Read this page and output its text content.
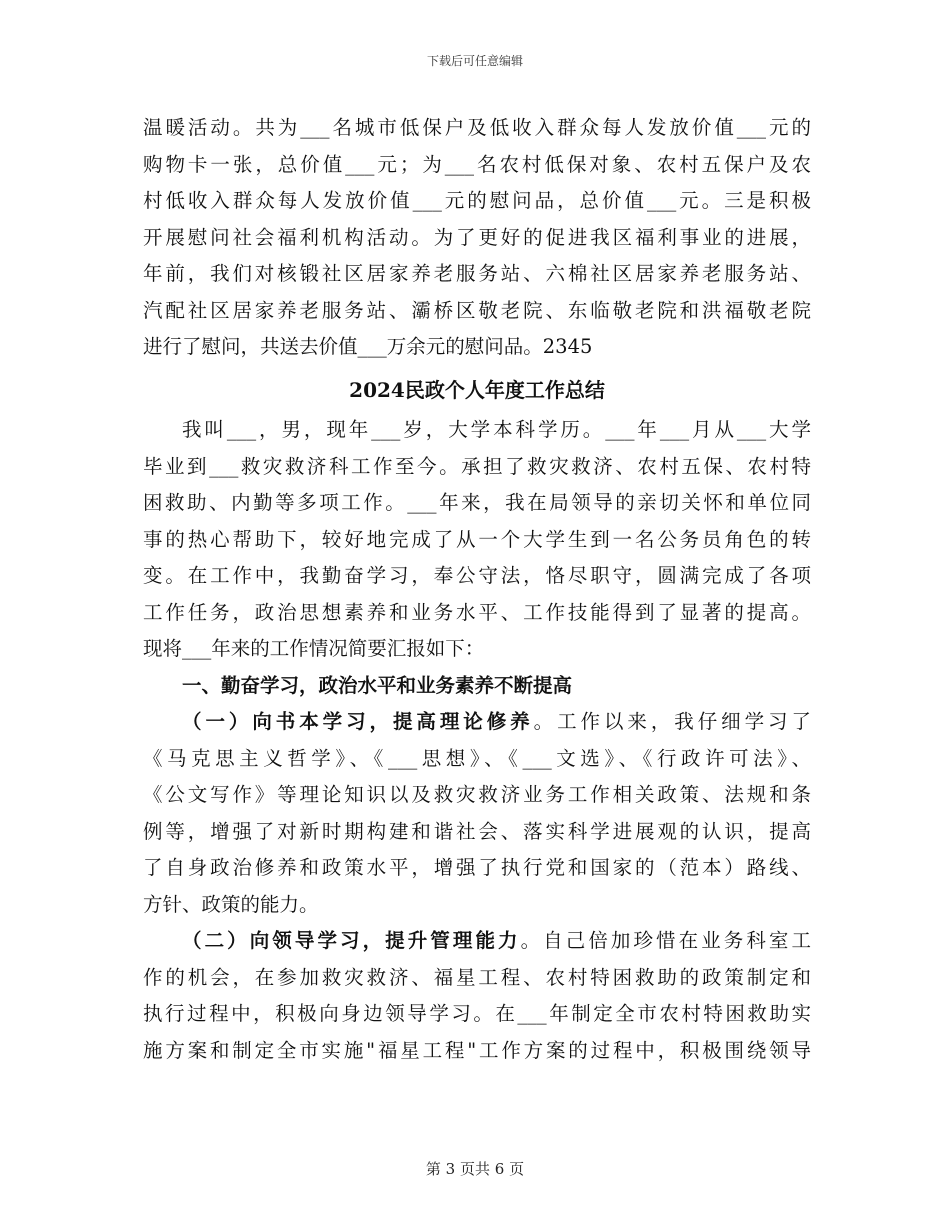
下载后可任意编辑
温暖活动。共为___名城市低保户及低收入群众每人发放价值___元的
购物卡一张，总价值___元；为___名农村低保对象、农村五保户及农
村低收入群众每人发放价值___元的慰问品，总价值___元。三是积极
开展慰问社会福利机构活动。为了更好的促进我区福利事业的进展，
年前，我们对核锻社区居家养老服务站、六棉社区居家养老服务站、
汽配社区居家养老服务站、灞桥区敬老院、东临敬老院和洪福敬老院
进行了慰问，共送去价值___万余元的慰问品。2345
2024民政个人年度工作总结
我叫___，男，现年___岁，大学本科学历。___年___月从___大学
毕业到___救灾救济科工作至今。承担了救灾救济、农村五保、农村特
困救助、内勤等多项工作。___年来，我在局领导的亲切关怀和单位同
事的热心帮助下，较好地完成了从一个大学生到一名公务员角色的转
变。在工作中，我勤奋学习，奉公守法，恪尽职守，圆满完成了各项
工作任务，政治思想素养和业务水平、工作技能得到了显著的提高。
现将___年来的工作情况简要汇报如下：
一、勤奋学习，政治水平和业务素养不断提高
（一）向书本学习，提高理论修养。工作以来，我仔细学习了
《马克思主义哲学》、《___思想》、《___文选》、《行政许可法》、
《公文写作》等理论知识以及救灾救济业务工作相关政策、法规和条
例等，增强了对新时期构建和谐社会、落实科学进展观的认识，提高
了自身政治修养和政策水平，增强了执行党和国家的（范本）路线、
方针、政策的能力。
（二）向领导学习，提升管理能力。自己倍加珍惜在业务科室工
作的机会，在参加救灾救济、福星工程、农村特困救助的政策制定和
执行过程中，积极向身边领导学习。在___年制定全市农村特困救助实
施方案和制定全市实施"福星工程"工作方案的过程中，积极围绕领导
第 3 页共 6 页
